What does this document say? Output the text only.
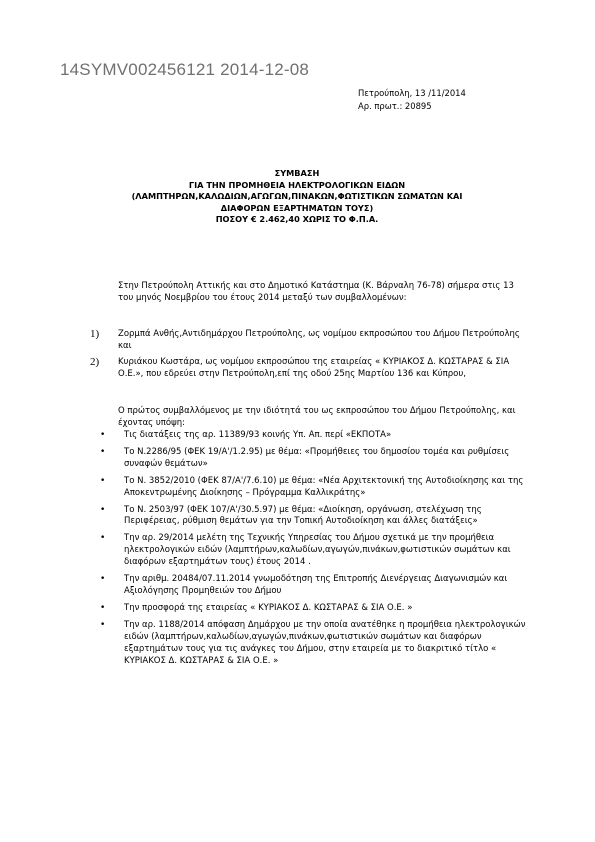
14SYMV002456121 2014-12-08
Πετρούπολη, 13 /11/2014
Αρ. πρωτ.: 20895
ΣΥΜΒΑΣΗ
ΓΙΑ ΤΗΝ ΠΡΟΜΗΘΕΙΑ ΗΛΕΚΤΡΟΛΟΓΙΚΩΝ ΕΙΔΩΝ
(ΛΑΜΠΤΗΡΩΝ,ΚΑΛΩΔΙΩΝ,ΑΓΩΓΩΝ,ΠΙΝΑΚΩΝ,ΦΩΤΙΣΤΙΚΩΝ ΣΩΜΑΤΩΝ ΚΑΙ
ΔΙΑΦΟΡΩΝ ΕΞΑΡΤΗΜΑΤΩΝ ΤΟΥΣ)
ΠΟΣΟΥ € 2.462,40 ΧΩΡΙΣ ΤΟ Φ.Π.Α.
Στην Πετρούπολη Αττικής και στο Δημοτικό Κατάστημα (Κ. Βάρναλη 76-78) σήμερα στις 13 του μηνός Νοεμβρίου του έτους 2014 μεταξύ των συμβαλλομένων:
1)	Ζορμπά Ανθής,Αντιδημάρχου Πετρούπολης, ως νομίμου εκπροσώπου του Δήμου Πετρούπολης και
2)	Κυριάκου Κωστάρα, ως νομίμου εκπροσώπου της εταιρείας « ΚΥΡΙΑΚΟΣ Δ. ΚΩΣΤΑΡΑΣ & ΣΙΑ Ο.Ε.», που εδρεύει στην Πετρούπολη,επί της οδού 25ης Μαρτίου 136 και Κύπρου,
Ο πρώτος συμβαλλόμενος με την ιδιότητά του ως εκπροσώπου του Δήμου Πετρούπολης, και έχοντας υπόψη:
•	Τις διατάξεις της αρ. 11389/93 κοινής Υπ. Απ. περί «ΕΚΠΟΤΑ»
•	Το Ν.2286/95 (ΦΕΚ 19/Α'/1.2.95) με θέμα: «Προμήθειες του δημοσίου τομέα και ρυθμίσεις συναφών θεμάτων»
•	Το Ν. 3852/2010 (ΦΕΚ 87/Α'/7.6.10) με θέμα: «Νέα Αρχιτεκτονική της Αυτοδιοίκησης και της Αποκεντρωμένης Διοίκησης – Πρόγραμμα Καλλικράτης»
•	Το Ν. 2503/97 (ΦΕΚ 107/Α'/30.5.97) με θέμα: «Διοίκηση, οργάνωση, στελέχωση της Περιφέρειας, ρύθμιση θεμάτων για την Τοπική Αυτοδιοίκηση και άλλες διατάξεις»
•	Την αρ. 29/2014 μελέτη της Τεχνικής Υπηρεσίας του Δήμου σχετικά με την προμήθεια ηλεκτρολογικών ειδών (λαμπτήρων,καλωδίων,αγωγών,πινάκων,φωτιστικών σωμάτων και διαφόρων εξαρτημάτων τους) έτους 2014 .
•	Την αριθμ. 20484/07.11.2014 γνωμοδότηση της Επιτροπής Διενέργειας Διαγωνισμών και Αξιολόγησης Προμηθειών του Δήμου
•	Την προσφορά της εταιρείας « ΚΥΡΙΑΚΟΣ Δ. ΚΩΣΤΑΡΑΣ & ΣΙΑ Ο.Ε. »
•	Την αρ. 1188/2014 απόφαση Δημάρχου με την οποία ανατέθηκε η προμήθεια ηλεκτρολογικών ειδών (λαμπτήρων,καλωδίων,αγωγών,πινάκων,φωτιστικών σωμάτων και διαφόρων εξαρτημάτων τους για τις ανάγκες του Δήμου, στην εταιρεία με το διακριτικό τίτλο « ΚΥΡΙΑΚΟΣ Δ. ΚΩΣΤΑΡΑΣ & ΣΙΑ Ο.Ε. »
